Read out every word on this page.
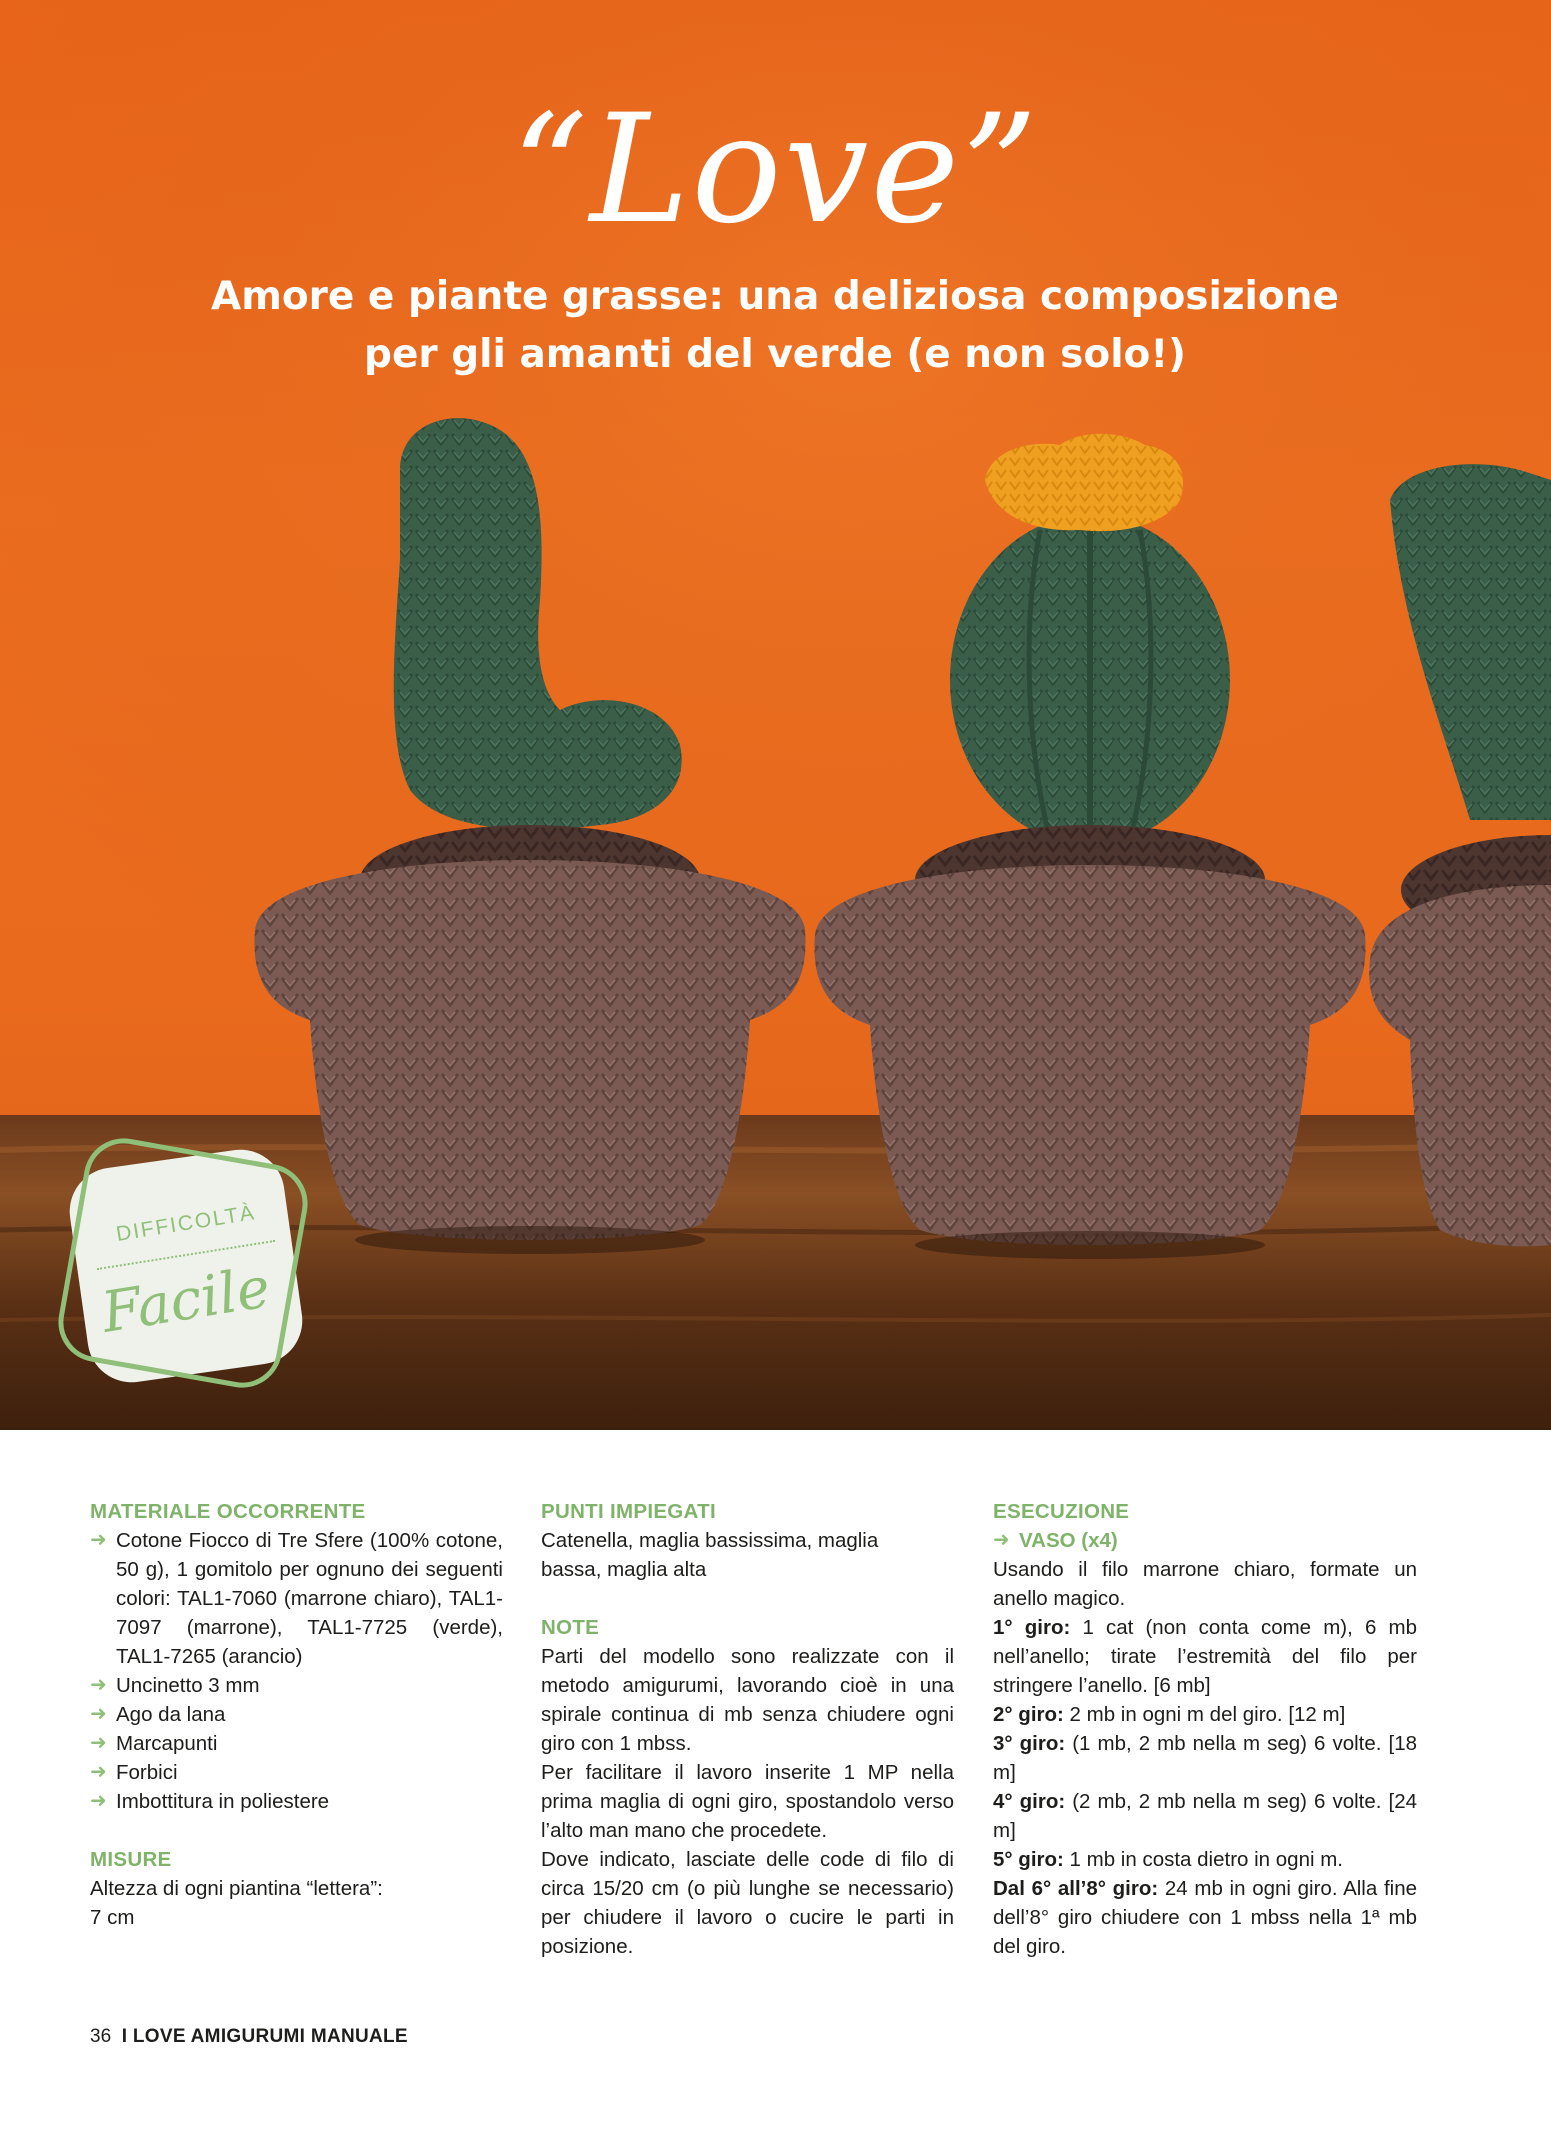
“Love”
Amore e piante grasse: una deliziosa composizione
per gli amanti del verde (e non solo!)
DIFFICOLTÀ
Facile
MATERIALE OCCORRENTE
➜ Cotone Fiocco di Tre Sfere (100% cotone, 50 g), 1 gomitolo per ognuno dei seguenti colori: TAL1-7060 (marrone chiaro), TAL1-7097 (marrone), TAL1-7725 (verde), TAL1-7265 (arancio)
➜ Uncinetto 3 mm
➜ Ago da lana
➜ Marcapunti
➜ Forbici
➜ Imbottitura in poliestere
MISURE
Altezza di ogni piantina “lettera”:
7 cm
PUNTI IMPIEGATI
Catenella, maglia bassissima, maglia bassa, maglia alta
NOTE
Parti del modello sono realizzate con il metodo amigurumi, lavorando cioè in una spirale continua di mb senza chiudere ogni giro con 1 mbss.
Per facilitare il lavoro inserite 1 MP nella prima maglia di ogni giro, spostandolo verso l’alto man mano che procedete.
Dove indicato, lasciate delle code di filo di circa 15/20 cm (o più lunghe se necessario) per chiudere il lavoro o cucire le parti in posizione.
ESECUZIONE
➜ VASO (x4)
Usando il filo marrone chiaro, formate un anello magico.
1° giro: 1 cat (non conta come m), 6 mb nell’anello; tirate l’estremità del filo per stringere l’anello. [6 mb]
2° giro: 2 mb in ogni m del giro. [12 m]
3° giro: (1 mb, 2 mb nella m seg) 6 volte. [18 m]
4° giro: (2 mb, 2 mb nella m seg) 6 volte. [24 m]
5° giro: 1 mb in costa dietro in ogni m.
Dal 6° all’8° giro: 24 mb in ogni giro. Alla fine dell’8° giro chiudere con 1 mbss nella 1ª mb del giro.
36 I LOVE AMIGURUMI MANUALE
